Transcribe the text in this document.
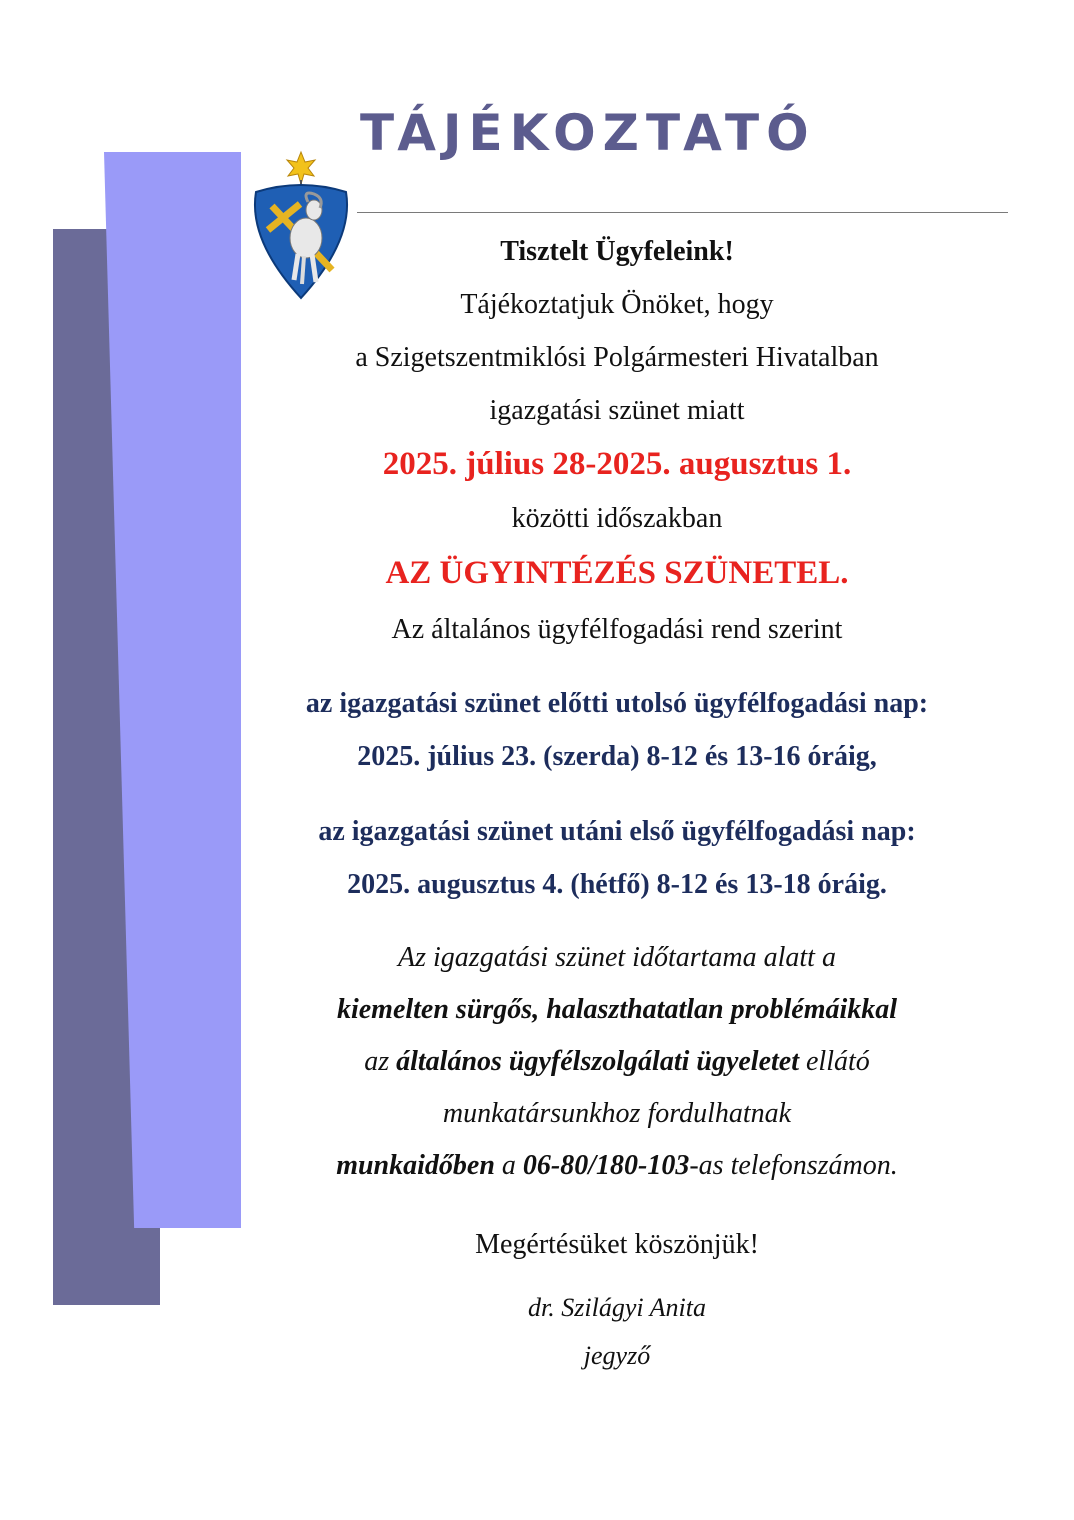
TÁJÉKOZTATÓ
Tisztelt Ügyfeleink!
Tájékoztatjuk Önöket, hogy
a Szigetszentmiklósi Polgármesteri Hivatalban
igazgatási szünet miatt
2025. július 28-2025. augusztus 1.
közötti időszakban
AZ ÜGYINTÉZÉS SZÜNETEL.
Az általános ügyfélfogadási rend szerint
az igazgatási szünet előtti utolsó ügyfélfogadási nap:
2025. július 23. (szerda) 8-12 és 13-16 óráig,
az igazgatási szünet utáni első ügyfélfogadási nap:
2025. augusztus 4. (hétfő) 8-12 és 13-18 óráig.
Az igazgatási szünet időtartama alatt a
kiemelten sürgős, halaszthatatlan problémáikkal
az általános ügyfélszolgálati ügyeletet ellátó
munkatársunkhoz fordulhatnak
munkaidőben a 06-80/180-103-as telefonszámon.
Megértésüket köszönjük!
dr. Szilágyi Anita
jegyző
